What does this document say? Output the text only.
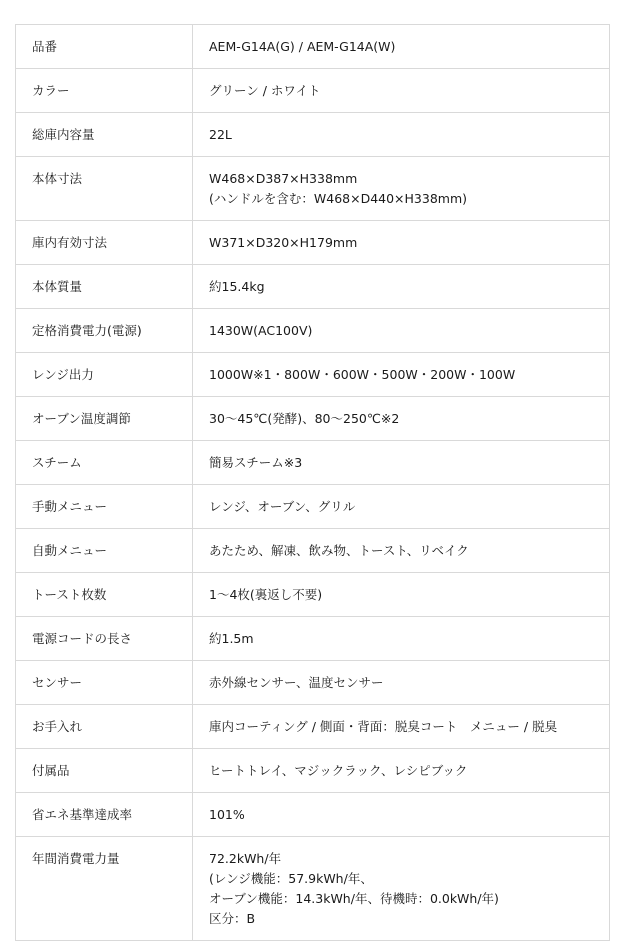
品番	AEM-G14A(G) / AEM-G14A(W)

カラー	グリーン / ホワイト

総庫内容量	22L

本体寸法	W468×D387×H338mm
(ハンドルを含む：W468×D440×H338mm)

庫内有効寸法	W371×D320×H179mm

本体質量	約15.4kg

定格消費電力(電源)	1430W(AC100V)

レンジ出力	1000W※1・800W・600W・500W・200W・100W

オーブン温度調節	30～45℃(発酵)、80～250℃※2

スチーム	簡易スチーム※3

手動メニュー	レンジ、オーブン、グリル

自動メニュー	あたため、解凍、飲み物、トースト、リベイク

トースト枚数	1～4枚(裏返し不要)

電源コードの長さ	約1.5m

センサー	赤外線センサー、温度センサー

お手入れ	庫内コーティング / 側面・背面：脱臭コート　メニュー / 脱臭

付属品	ヒートトレイ、マジックラック、レシピブック

省エネ基準達成率	101%

年間消費電力量	72.2kWh/年
(レンジ機能：57.9kWh/年、
オーブン機能：14.3kWh/年、待機時：0.0kWh/年)
区分：B
